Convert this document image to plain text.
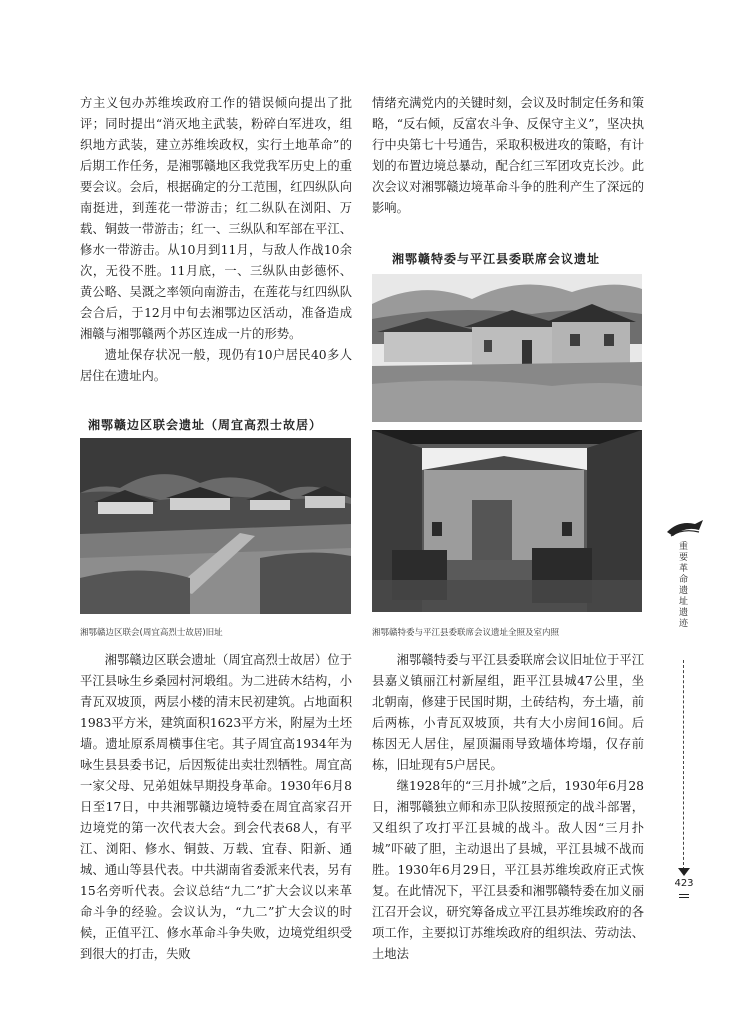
方主义包办苏维埃政府工作的错误倾向提出了批评；同时提出“消灭地主武装，粉碎白军进攻，组织地方武装，建立苏维埃政权，实行土地革命”的后期工作任务，是湘鄂赣地区我党我军历史上的重要会议。会后，根据确定的分工范围，红四纵队向南挺进，到莲花一带游击；红二纵队在浏阳、万载、铜鼓一带游击；红一、三纵队和军部在平江、修水一带游击。从10月到11月，与敌人作战10余次，无役不胜。11月底，一、三纵队由彭德怀、黄公略、吴溉之率领向南游击，在莲花与红四纵队会合后，于12月中旬去湘鄂边区活动，准备造成湘赣与湘鄂赣两个苏区连成一片的形势。

遗址保存状况一般，现仍有10户居民40多人居住在遗址内。

湘鄂赣边区联会遗址（周宜高烈士故居）
湘鄂赣边区联会(周宜高烈士故居)旧址

湘鄂赣边区联会遗址（周宜高烈士故居）位于平江县咏生乡桑园村河塅组。为二进砖木结构，小青瓦双坡顶，两层小楼的清末民初建筑。占地面积1983平方米，建筑面积1623平方米，附屋为土坯墙。遗址原系周横事住宅。其子周宜高1934年为咏生县县委书记，后因叛徒出卖壮烈牺牲。周宜高一家父母、兄弟姐妹早期投身革命。1930年6月8日至17日，中共湘鄂赣边境特委在周宜高家召开边境党的第一次代表大会。到会代表68人，有平江、浏阳、修水、铜鼓、万载、宜春、阳新、通城、通山等县代表。中共湖南省委派来代表，另有15名旁听代表。会议总结“九二”扩大会议以来革命斗争的经验。会议认为，“九二”扩大会议的时候，正值平江、修水革命斗争失败，边境党组织受到很大的打击，失败

情绪充满党内的关键时刻，会议及时制定任务和策略，“反右倾，反富农斗争、反保守主义”，坚决执行中央第七十号通告，采取积极进攻的策略，有计划的布置边境总暴动，配合红三军团攻克长沙。此次会议对湘鄂赣边境革命斗争的胜利产生了深远的影响。

湘鄂赣特委与平江县委联席会议遗址
湘鄂赣特委与平江县委联席会议遗址全照及室内照

湘鄂赣特委与平江县委联席会议旧址位于平江县嘉义镇丽江村新屋组，距平江县城47公里，坐北朝南，修建于民国时期，土砖结构，夯土墙，前后两栋，小青瓦双坡顶，共有大小房间16间。后栋因无人居住，屋顶漏雨导致墙体垮塌，仅存前栋，旧址现有5户居民。

继1928年的“三月扑城”之后，1930年6月28日，湘鄂赣独立师和赤卫队按照预定的战斗部署，又组织了攻打平江县城的战斗。敌人因“三月扑城”吓破了胆，主动退出了县城，平江县城不战而胜。1930年6月29日，平江县苏维埃政府正式恢复。在此情况下，平江县委和湘鄂赣特委在加义丽江召开会议，研究筹备成立平江县苏维埃政府的各项工作，主要拟订苏维埃政府的组织法、劳动法、土地法

重要革命遗址遗迹
423
